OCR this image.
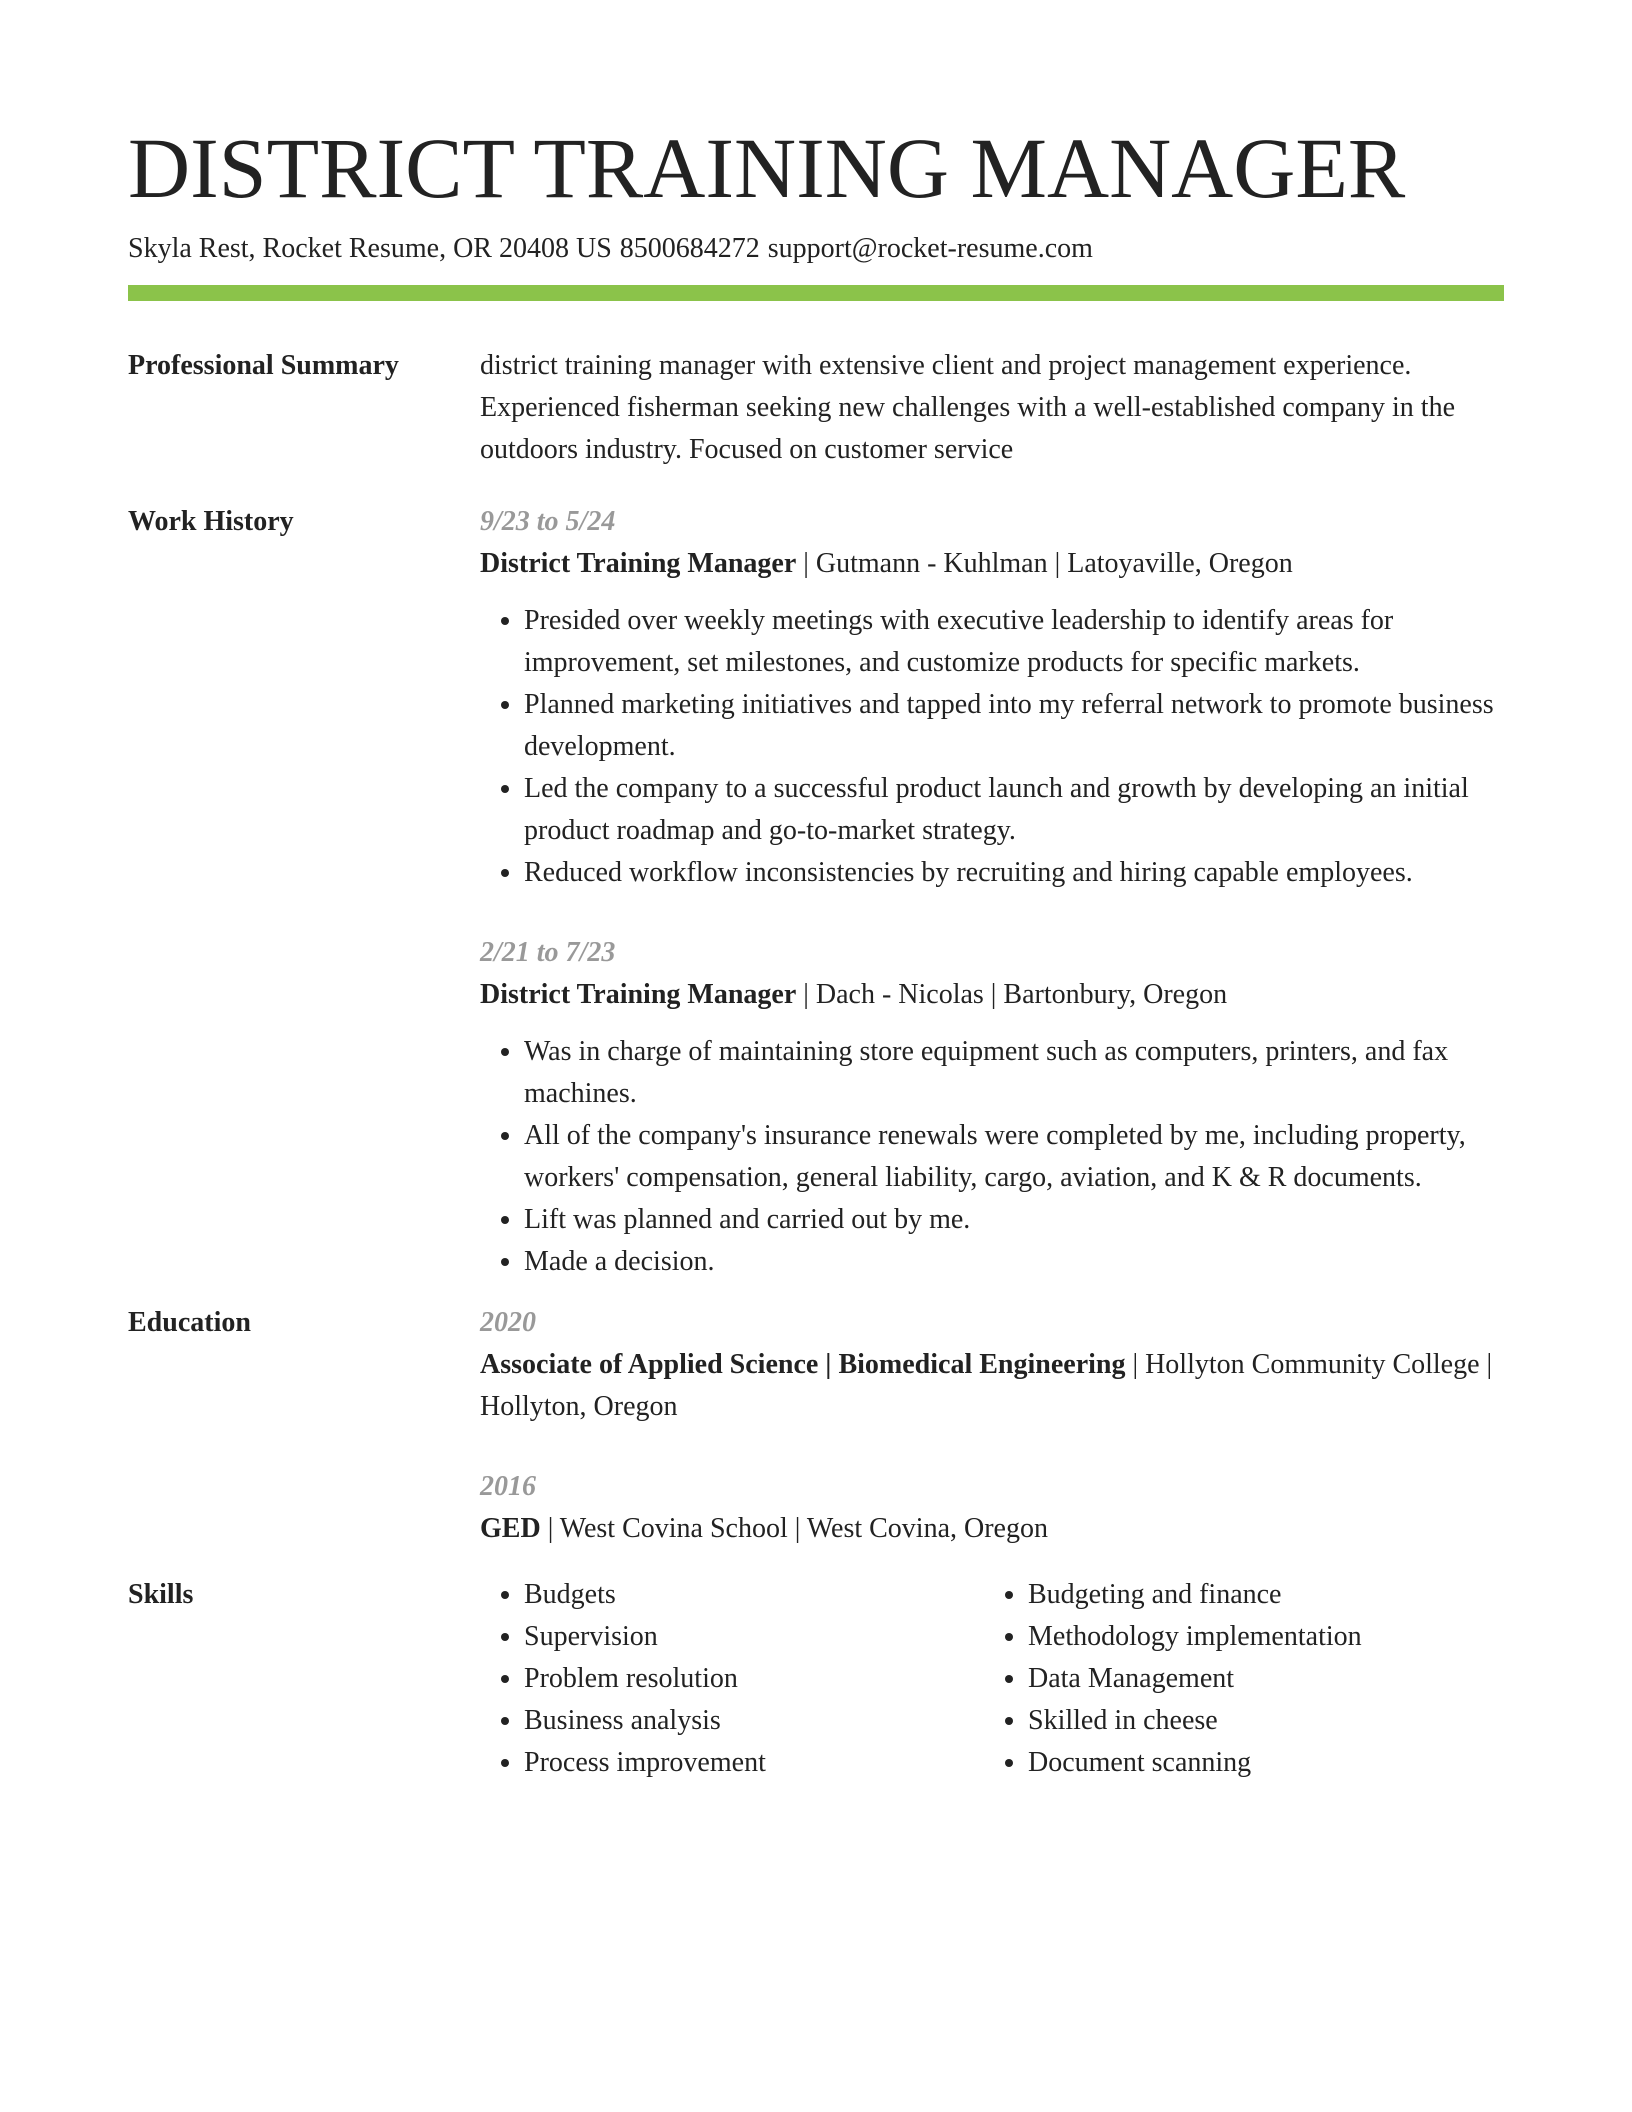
DISTRICT TRAINING MANAGER
Skyla Rest, Rocket Resume, OR 20408 US 8500684272 support@rocket-resume.com
Professional Summary	district training manager with extensive client and project management experience. Experienced fisherman seeking new challenges with a well-established company in the outdoors industry. Focused on customer service

Work History	9/23 to 5/24
District Training Manager | Gutmann - Kuhlman | Latoyaville, Oregon
• Presided over weekly meetings with executive leadership to identify areas for improvement, set milestones, and customize products for specific markets.
• Planned marketing initiatives and tapped into my referral network to promote business development.
• Led the company to a successful product launch and growth by developing an initial product roadmap and go-to-market strategy.
• Reduced workflow inconsistencies by recruiting and hiring capable employees.
2/21 to 7/23
District Training Manager | Dach - Nicolas | Bartonbury, Oregon
• Was in charge of maintaining store equipment such as computers, printers, and fax machines.
• All of the company's insurance renewals were completed by me, including property, workers' compensation, general liability, cargo, aviation, and K & R documents.
• Lift was planned and carried out by me.
• Made a decision.
Education	2020
Associate of Applied Science | Biomedical Engineering | Hollyton Community College | Hollyton, Oregon
2016
GED | West Covina School | West Covina, Oregon
Skills
•	Budgets
• Supervision
• Problem resolution
• Business analysis
• Process improvement
• Budgeting and finance
• Methodology implementation
• Data Management
• Skilled in cheese
• Document scanning
